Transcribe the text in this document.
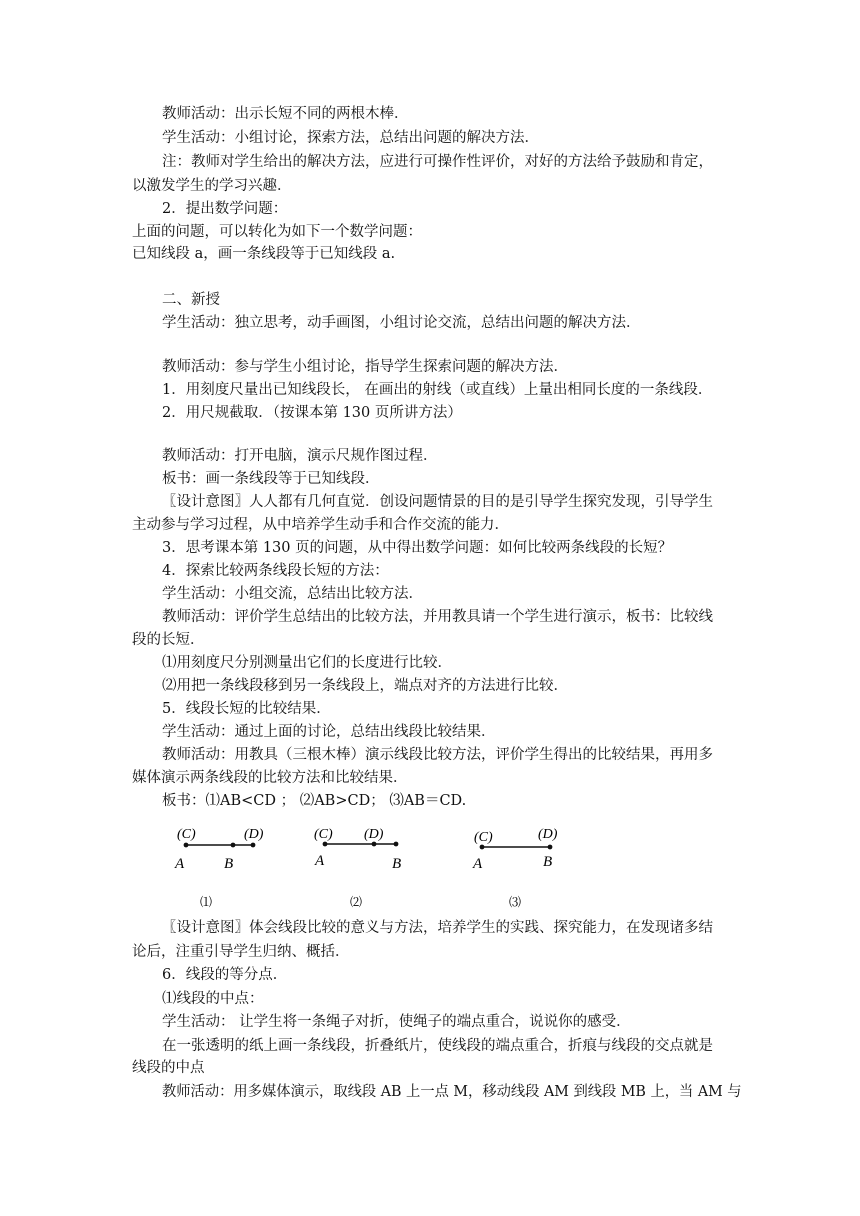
教师活动：出示长短不同的两根木棒．
学生活动：小组讨论，探索方法，总结出问题的解决方法．
注：教师对学生给出的解决方法，应进行可操作性评价，对好的方法给予鼓励和肯定，
以激发学生的学习兴趣．
2．提出数学问题：
上面的问题，可以转化为如下一个数学问题：
已知线段 a，画一条线段等于已知线段 a.
二、新授
学生活动：独立思考，动手画图，小组讨论交流，总结出问题的解决方法．
教师活动：参与学生小组讨论，指导学生探索问题的解决方法．
1．用刻度尺量出已知线段长， 在画出的射线（或直线）上量出相同长度的一条线段．
2．用尺规截取．（按课本第 130 页所讲方法）
教师活动：打开电脑，演示尺规作图过程．
板书：画一条线段等于已知线段．
〖设计意图〗人人都有几何直觉．创设问题情景的目的是引导学生探究发现，引导学生
主动参与学习过程，从中培养学生动手和合作交流的能力．
3．思考课本第 130 页的问题，从中得出数学问题：如何比较两条线段的长短？
4．探索比较两条线段长短的方法：
学生活动：小组交流，总结出比较方法．
教师活动：评价学生总结出的比较方法，并用教具请一个学生进行演示，板书：比较线
段的长短．
⑴用刻度尺分别测量出它们的长度进行比较．
⑵用把一条线段移到另一条线段上，端点对齐的方法进行比较．
5．线段长短的比较结果．
学生活动：通过上面的讨论，总结出线段比较结果．
教师活动：用教具（三根木棒）演示线段比较方法，评价学生得出的比较结果，再用多
媒体演示两条线段的比较方法和比较结果．
板书：⑴AB<CD ； ⑵AB>CD； ⑶AB＝CD.
(C)	(D)
A	B
⑴
(C) (D)
A	B
⑵
(C)	(D)
A	B
⑶
〖设计意图〗体会线段比较的意义与方法，培养学生的实践、探究能力，在发现诸多结
论后，注重引导学生归纳、概括．
6．线段的等分点．
⑴线段的中点：
学生活动： 让学生将一条绳子对折，使绳子的端点重合，说说你的感受．
在一张透明的纸上画一条线段，折叠纸片，使线段的端点重合，折痕与线段的交点就是
线段的中点
教师活动：用多媒体演示，取线段 AB 上一点 M，移动线段 AM 到线段 MB 上，当 AM 与
